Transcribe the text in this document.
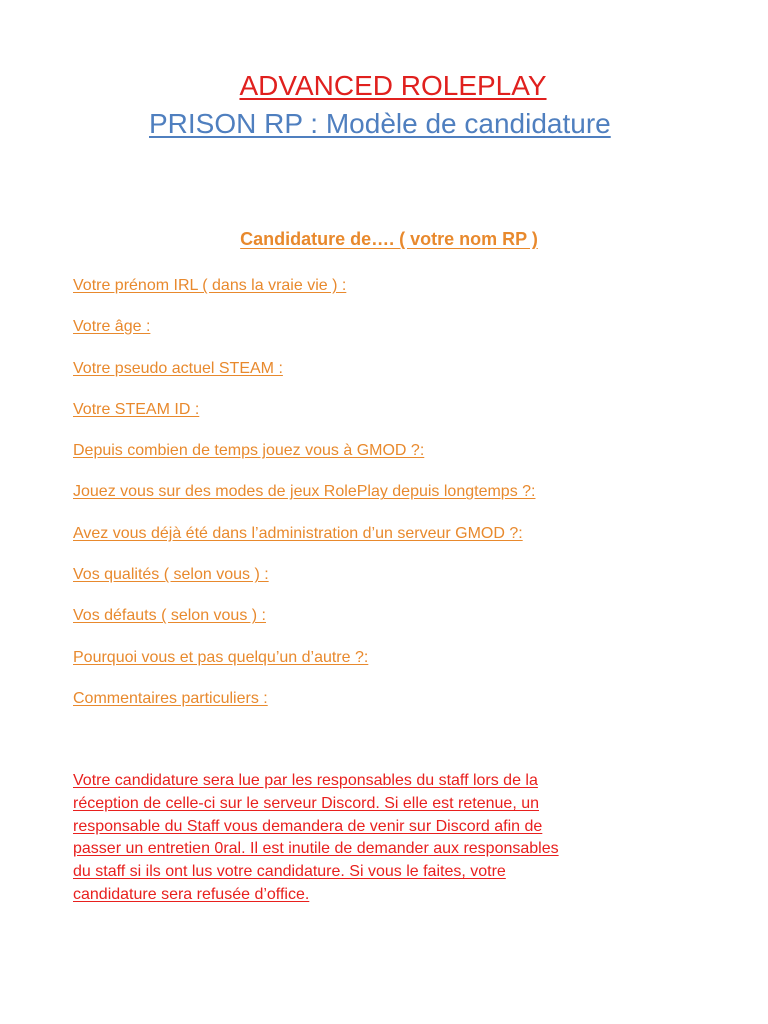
ADVANCED ROLEPLAY
PRISON RP : Modèle de candidature
Candidature de…. ( votre nom RP )
Votre prénom IRL ( dans la vraie vie ) :
Votre âge :
Votre pseudo actuel STEAM :
Votre STEAM ID :
Depuis combien de temps jouez vous à GMOD ?:
Jouez vous sur des modes de jeux RolePlay depuis longtemps ?:
Avez vous déjà été dans l’administration d’un serveur GMOD ?:
Vos qualités ( selon vous ) :
Vos défauts ( selon vous ) :
Pourquoi vous et pas quelqu’un d’autre ?:
Commentaires particuliers :

Votre candidature sera lue par les responsables du staff lors de la
réception de celle-ci sur le serveur Discord. Si elle est retenue, un
responsable du Staff vous demandera de venir sur Discord afin de
passer un entretien 0ral. Il est inutile de demander aux responsables
du staff si ils ont lus votre candidature. Si vous le faites, votre
candidature sera refusée d’office.
